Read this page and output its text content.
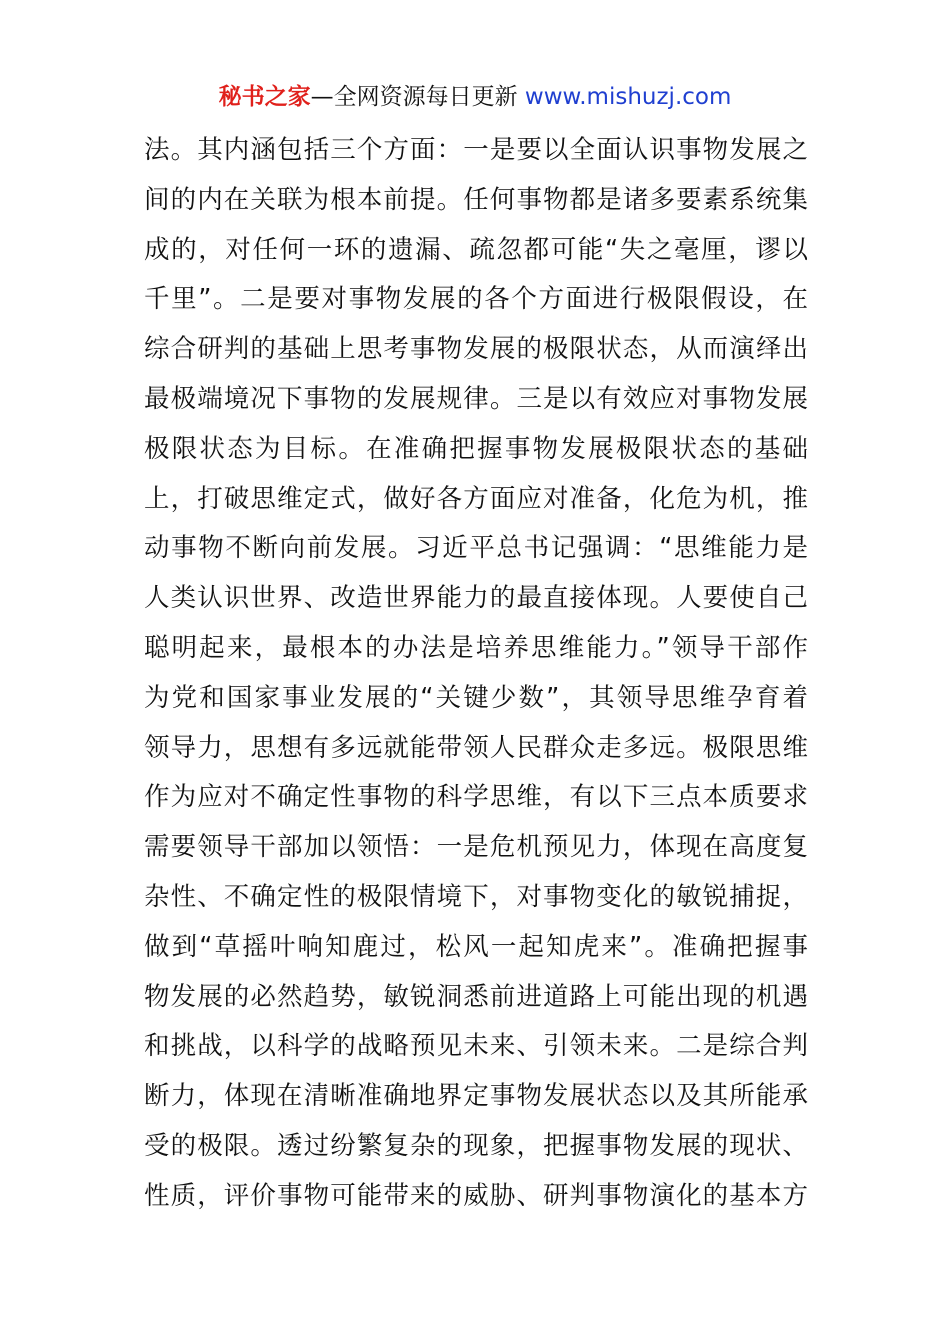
秘书之家—全网资源每日更新 www.mishuzj.com
法。其内涵包括三个方面：一是要以全面认识事物发展之
间的内在关联为根本前提。任何事物都是诸多要素系统集
成的，对任何一环的遗漏、疏忽都可能“失之毫厘，谬以
千里”。二是要对事物发展的各个方面进行极限假设，在
综合研判的基础上思考事物发展的极限状态，从而演绎出
最极端境况下事物的发展规律。三是以有效应对事物发展
极限状态为目标。在准确把握事物发展极限状态的基础
上，打破思维定式，做好各方面应对准备，化危为机，推
动事物不断向前发展。习近平总书记强调：“思维能力是
人类认识世界、改造世界能力的最直接体现。人要使自己
聪明起来，最根本的办法是培养思维能力。”领导干部作
为党和国家事业发展的“关键少数”，其领导思维孕育着
领导力，思想有多远就能带领人民群众走多远。极限思维
作为应对不确定性事物的科学思维，有以下三点本质要求
需要领导干部加以领悟：一是危机预见力，体现在高度复
杂性、不确定性的极限情境下，对事物变化的敏锐捕捉，
做到“草摇叶响知鹿过，松风一起知虎来”。准确把握事
物发展的必然趋势，敏锐洞悉前进道路上可能出现的机遇
和挑战，以科学的战略预见未来、引领未来。二是综合判
断力，体现在清晰准确地界定事物发展状态以及其所能承
受的极限。透过纷繁复杂的现象，把握事物发展的现状、
性质，评价事物可能带来的威胁、研判事物演化的基本方
